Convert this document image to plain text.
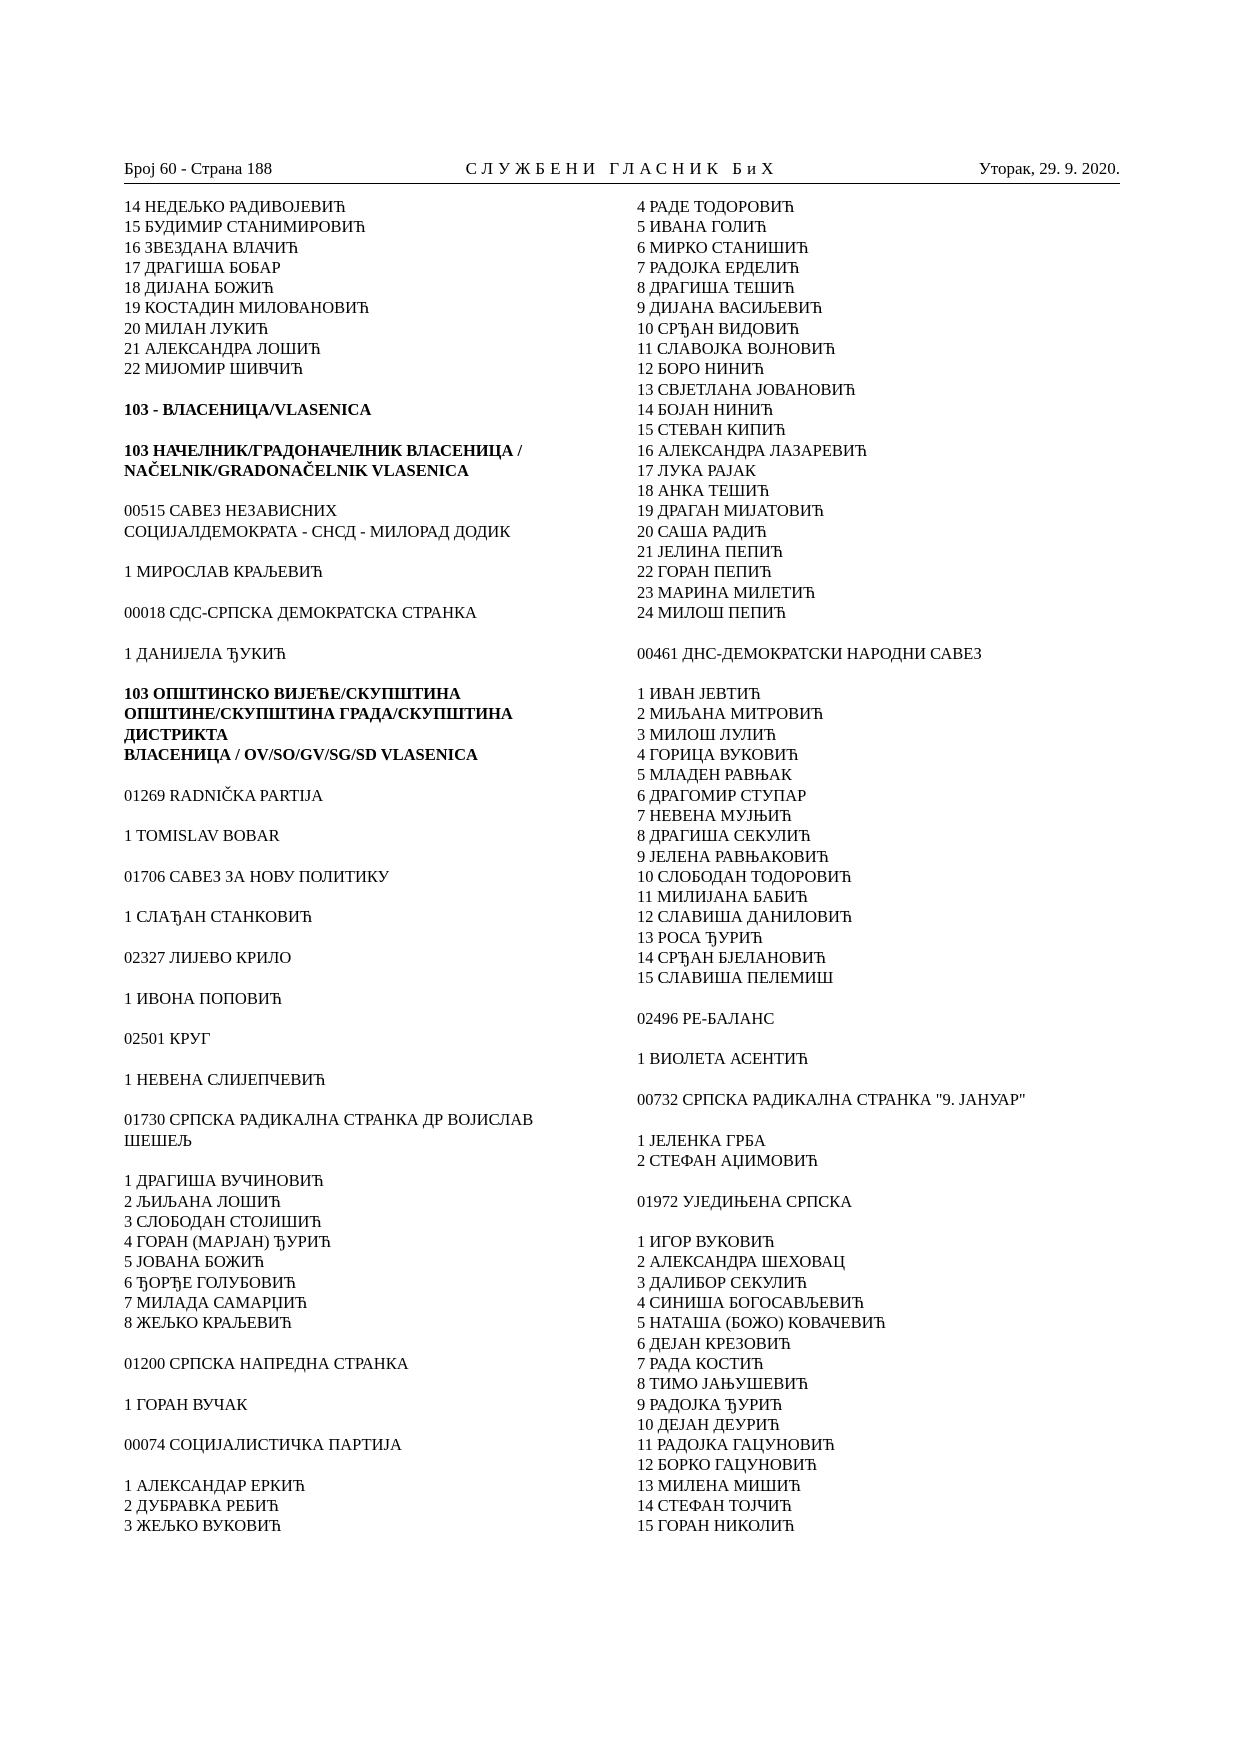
Број 60 - Страна 188	СЛУЖБЕНИ ГЛАСНИК БиХ	Уторак, 29. 9. 2020.
14 НЕДЕЉКО РАДИВОЈЕВИЋ
15 БУДИМИР СТАНИМИРОВИЋ
16 ЗВЕЗДАНА ВЛАЧИЋ
17 ДРАГИША БОБАР
18 ДИЈАНА БОЖИЋ
19 КОСТАДИН МИЛОВАНОВИЋ
20 МИЛАН ЛУКИЋ
21 АЛЕКСАНДРА ЛОШИЋ
22 МИЈОМИР ШИВЧИЋ
103 - ВЛАСЕНИЦА/VLASENICA
103 НАЧЕЛНИК/ГРАДОНАЧЕЛНИК ВЛАСЕНИЦА /
NAČELNIK/GRADONAČELNIK VLASENICA
00515 САВЕЗ НЕЗАВИСНИХ
СОЦИЈАЛДЕМОКРАТА - СНСД - МИЛОРАД ДОДИК
1 МИРОСЛАВ КРАЉЕВИЋ
00018 СДС-СРПСКА ДЕМОКРАТСКА СТРАНКА
1 ДАНИЈЕЛА ЂУКИЋ
103 ОПШТИНСКО ВИЈЕЋЕ/СКУПШТИНА
ОПШТИНЕ/СКУПШТИНА ГРАДА/СКУПШТИНА
ДИСТРИКТА
ВЛАСЕНИЦА / OV/SO/GV/SG/SD VLASENICA
01269 RADNIČKA PARTIJA
1 TOMISLAV BOBAR
01706 САВЕЗ ЗА НОВУ ПОЛИТИКУ
1 СЛАЂАН СТАНКОВИЋ
02327 ЛИЈЕВО КРИЛО
1 ИВОНА ПОПОВИЋ
02501 КРУГ
1 НЕВЕНА СЛИЈЕПЧЕВИЋ
01730 СРПСКА РАДИКАЛНА СТРАНКА ДР ВОЈИСЛАВ
ШЕШЕЉ
1 ДРАГИША ВУЧИНОВИЋ
2 ЉИЉАНА ЛОШИЋ
3 СЛОБОДАН СТОЈИШИЋ
4 ГОРАН (МАРЈАН) ЂУРИЋ
5 ЈОВАНА БОЖИЋ
6 ЂОРЂЕ ГОЛУБОВИЋ
7 МИЛАДА САМАРЏИЋ
8 ЖЕЉКО КРАЉЕВИЋ
01200 СРПСКА НАПРЕДНА СТРАНКА
1 ГОРАН ВУЧАК
00074 СОЦИЈАЛИСТИЧКА ПАРТИЈА
1 АЛЕКСАНДАР ЕРКИЋ
2 ДУБРАВКА РЕБИЋ
3 ЖЕЉКО ВУКОВИЋ
4 РАДЕ ТОДОРОВИЋ
5 ИВАНА ГОЛИЋ
6 МИРКО СТАНИШИЋ
7 РАДОЈКА ЕРДЕЛИЋ
8 ДРАГИША ТЕШИЋ
9 ДИЈАНА ВАСИЉЕВИЋ
10 СРЂАН ВИДОВИЋ
11 СЛАВОЈКА ВОЈНОВИЋ
12 БОРО НИНИЋ
13 СВЈЕТЛАНА ЈОВАНОВИЋ
14 БОЈАН НИНИЋ
15 СТЕВАН КИПИЋ
16 АЛЕКСАНДРА ЛАЗАРЕВИЋ
17 ЛУКА РАЈАК
18 АНКА ТЕШИЋ
19 ДРАГАН МИЈАТОВИЋ
20 САША РАДИЋ
21 ЈЕЛИНА ПЕПИЋ
22 ГОРАН ПЕПИЋ
23 МАРИНА МИЛЕТИЋ
24 МИЛОШ ПЕПИЋ
00461 ДНС-ДЕМОКРАТСКИ НАРОДНИ САВЕЗ
1 ИВАН ЈЕВТИЋ
2 МИЉАНА МИТРОВИЋ
3 МИЛОШ ЛУЛИЋ
4 ГОРИЦА ВУКОВИЋ
5 МЛАДЕН РАВЊАК
6 ДРАГОМИР СТУПАР
7 НЕВЕНА МУЈЊИЋ
8 ДРАГИША СЕКУЛИЋ
9 ЈЕЛЕНА РАВЊАКОВИЋ
10 СЛОБОДАН ТОДОРОВИЋ
11 МИЛИЈАНА БАБИЋ
12 СЛАВИША ДАНИЛОВИЋ
13 РОСА ЂУРИЋ
14 СРЂАН БЈЕЛАНОВИЋ
15 СЛАВИША ПЕЛЕМИШ
02496 РЕ-БАЛАНС
1 ВИОЛЕТА АСЕНТИЋ
00732 СРПСКА РАДИКАЛНА СТРАНКА "9. ЈАНУАР"
1 ЈЕЛЕНКА ГРБА
2 СТЕФАН АЏИМОВИЋ
01972 УЈЕДИЊЕНА СРПСКА
1 ИГОР ВУКОВИЋ
2 АЛЕКСАНДРА ШЕХОВАЦ
3 ДАЛИБОР СЕКУЛИЋ
4 СИНИША БОГОСАВЉЕВИЋ
5 НАТАША (БОЖО) КОВАЧЕВИЋ
6 ДЕЈАН КРЕЗОВИЋ
7 РАДА КОСТИЋ
8 ТИМО ЈАЊУШЕВИЋ
9 РАДОЈКА ЂУРИЋ
10 ДЕЈАН ДЕУРИЋ
11 РАДОЈКА ГАЦУНОВИЋ
12 БОРКО ГАЦУНОВИЋ
13 МИЛЕНА МИШИЋ
14 СТЕФАН ТОЈЧИЋ
15 ГОРАН НИКОЛИЋ
